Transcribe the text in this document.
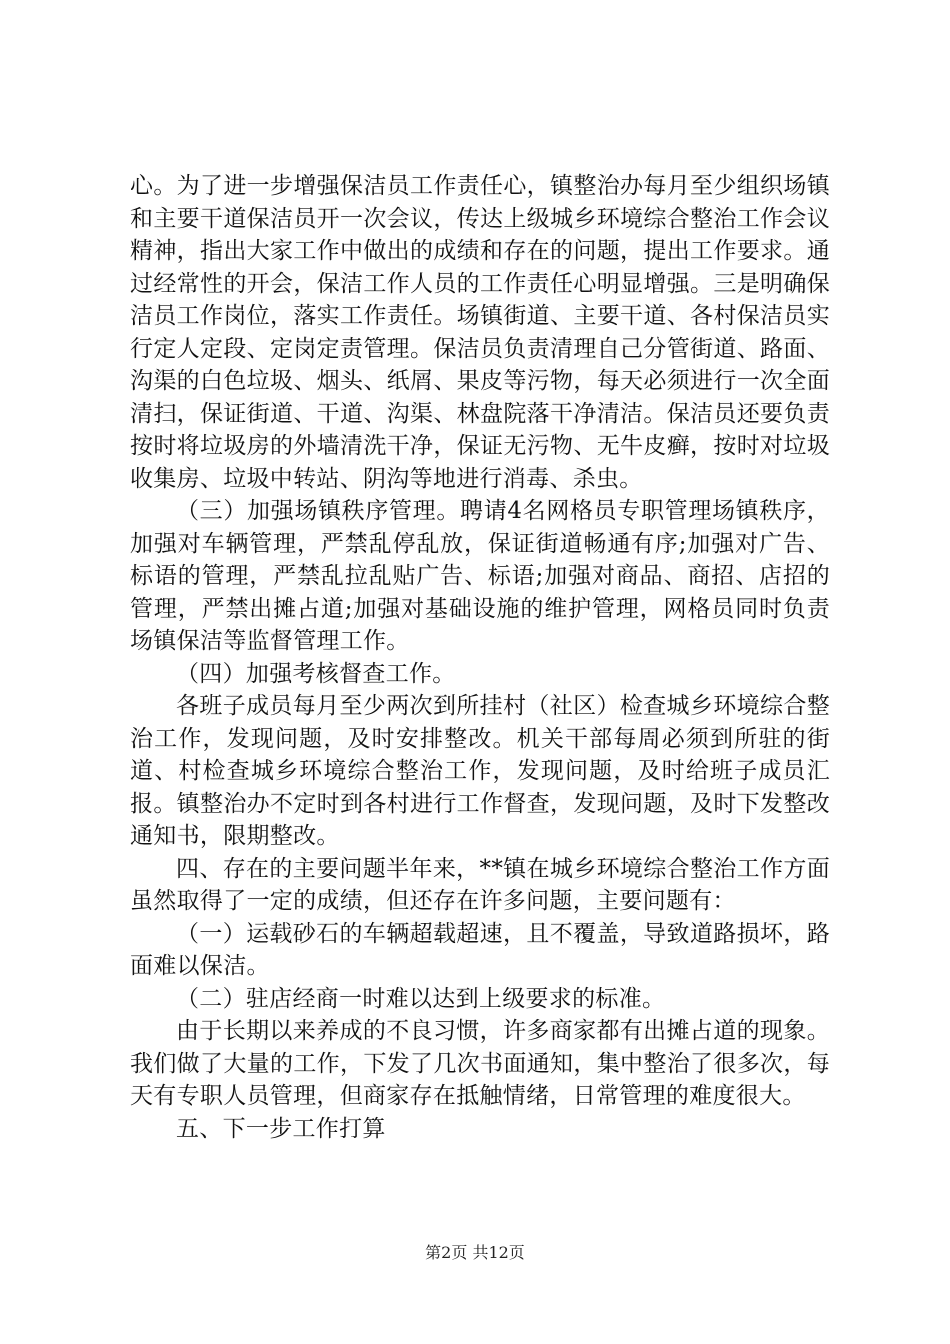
心。为了进一步增强保洁员工作责任心，镇整治办每月至少组织场镇和主要干道保洁员开一次会议，传达上级城乡环境综合整治工作会议精神，指出大家工作中做出的成绩和存在的问题，提出工作要求。通过经常性的开会，保洁工作人员的工作责任心明显增强。三是明确保洁员工作岗位，落实工作责任。场镇街道、主要干道、各村保洁员实行定人定段、定岗定责管理。保洁员负责清理自己分管街道、路面、沟渠的白色垃圾、烟头、纸屑、果皮等污物，每天必须进行一次全面清扫，保证街道、干道、沟渠、林盘院落干净清洁。保洁员还要负责按时将垃圾房的外墙清洗干净，保证无污物、无牛皮癣，按时对垃圾收集房、垃圾中转站、阴沟等地进行消毒、杀虫。

（三）加强场镇秩序管理。聘请4名网格员专职管理场镇秩序，加强对车辆管理，严禁乱停乱放，保证街道畅通有序;加强对广告、标语的管理，严禁乱拉乱贴广告、标语;加强对商品、商招、店招的管理，严禁出摊占道;加强对基础设施的维护管理，网格员同时负责场镇保洁等监督管理工作。

（四）加强考核督查工作。

各班子成员每月至少两次到所挂村（社区）检查城乡环境综合整治工作，发现问题，及时安排整改。机关干部每周必须到所驻的街道、村检查城乡环境综合整治工作，发现问题，及时给班子成员汇报。镇整治办不定时到各村进行工作督查，发现问题，及时下发整改通知书，限期整改。

四、存在的主要问题半年来，**镇在城乡环境综合整治工作方面虽然取得了一定的成绩，但还存在许多问题，主要问题有：

（一）运载砂石的车辆超载超速，且不覆盖，导致道路损坏，路面难以保洁。

（二）驻店经商一时难以达到上级要求的标准。

由于长期以来养成的不良习惯，许多商家都有出摊占道的现象。我们做了大量的工作，下发了几次书面通知，集中整治了很多次，每天有专职人员管理，但商家存在抵触情绪，日常管理的难度很大。

五、下一步工作打算

第2页 共12页
